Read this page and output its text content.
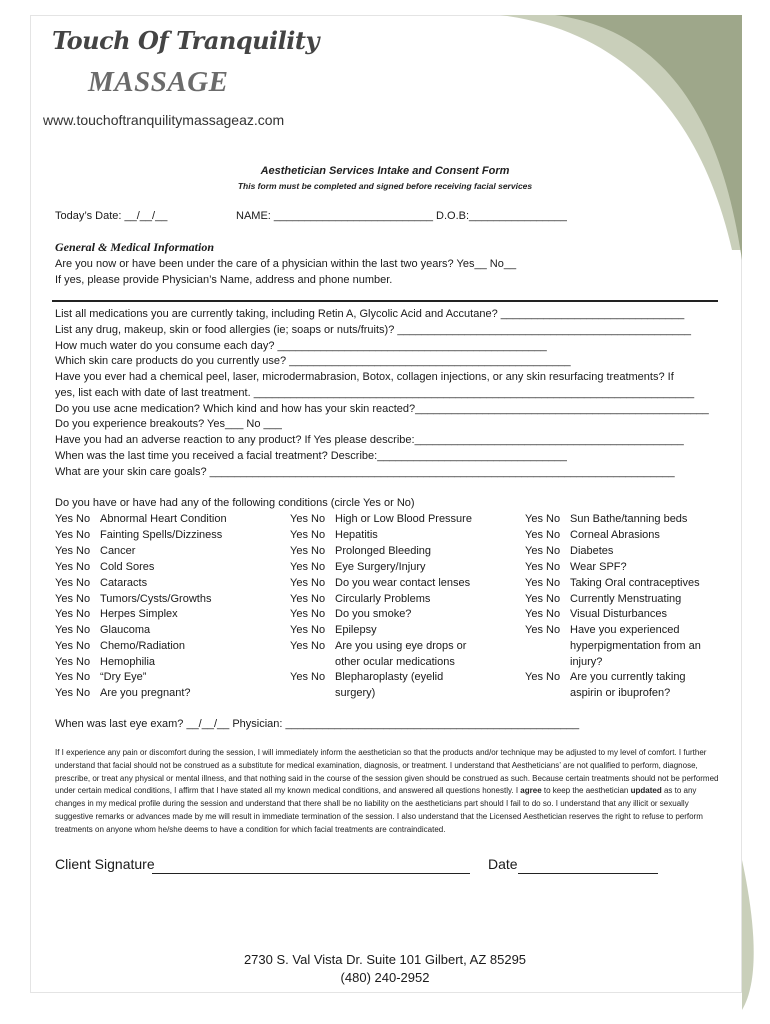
Touch Of Tranquility
MASSAGE
www.touchoftranquilitymassageaz.com
Aesthetician Services Intake and Consent Form
This form must be completed and signed before receiving facial services
Today’s Date: __/__/__	NAME: __________________________ D.O.B:________________
General & Medical Information
Are you now or have been under the care of a physician within the last two years? Yes__ No__
If yes, please provide Physician’s Name, address and phone number.
List all medications you are currently taking, including Retin A, Glycolic Acid and Accutane? ______________________________
List any drug, makeup, skin or food allergies (ie; soaps or nuts/fruits)? ________________________________________________
How much water do you consume each day? ____________________________________________
Which skin care products do you currently use? ______________________________________________
Have you ever had a chemical peel, laser, microdermabrasion, Botox, collagen injections, or any skin resurfacing treatments? If
yes, list each with date of last treatment. ________________________________________________________________________
Do you use acne medication? Which kind and how has your skin reacted?________________________________________________
Do you experience breakouts? Yes___ No ___
Have you had an adverse reaction to any product? If Yes please describe:____________________________________________
When was the last time you received a facial treatment? Describe:_______________________________
What are your skin care goals? ____________________________________________________________________________
Do you have or have had any of the following conditions (circle Yes or No)
Yes No Abnormal Heart Condition
Yes No Fainting Spells/Dizziness
Yes No Cancer
Yes No Cold Sores
Yes No Cataracts
Yes No Tumors/Cysts/Growths
Yes No Herpes Simplex
Yes No Glaucoma
Yes No Chemo/Radiation
Yes No Hemophilia
Yes No “Dry Eye”
Yes No Are you pregnant?
Yes No High or Low Blood Pressure
Yes No Hepatitis
Yes No Prolonged Bleeding
Yes No Eye Surgery/Injury
Yes No Do you wear contact lenses
Yes No Circularly Problems
Yes No Do you smoke?
Yes No Epilepsy
Yes No Are you using eye drops or
other ocular medications
Yes No Blepharoplasty (eyelid
surgery)
Yes No Sun Bathe/tanning beds
Yes No Corneal Abrasions
Yes No Diabetes
Yes No Wear SPF?
Yes No Taking Oral contraceptives
Yes No Currently Menstruating
Yes No Visual Disturbances
Yes No Have you experienced
hyperpigmentation from an
injury?
Yes No Are you currently taking
aspirin or ibuprofen?
When was last eye exam? __/__/__ Physician: ________________________________________________
If I experience any pain or discomfort during the session, I will immediately inform the aesthetician so that the products and/or technique may be adjusted to my level of comfort. I further understand that facial should not be construed as a substitute for medical examination, diagnosis, or treatment. I understand that Aestheticians’ are not qualified to perform, diagnose, prescribe, or treat any physical or mental illness, and that nothing said in the course of the session given should be construed as such. Because certain treatments should not be performed under certain medical conditions, I affirm that I have stated all my known medical conditions, and answered all questions honestly. I agree to keep the aesthetician updated as to any changes in my medical profile during the session and understand that there shall be no liability on the aestheticians part should I fail to do so. I understand that any illicit or sexually suggestive remarks or advances made by me will result in immediate termination of the session. I also understand that the Licensed Aesthetician reserves the right to refuse to perform treatments on anyone whom he/she deems to have a condition for which facial treatments are contraindicated.
Client Signature	Date
2730 S. Val Vista Dr. Suite 101 Gilbert, AZ 85295
(480) 240-2952
